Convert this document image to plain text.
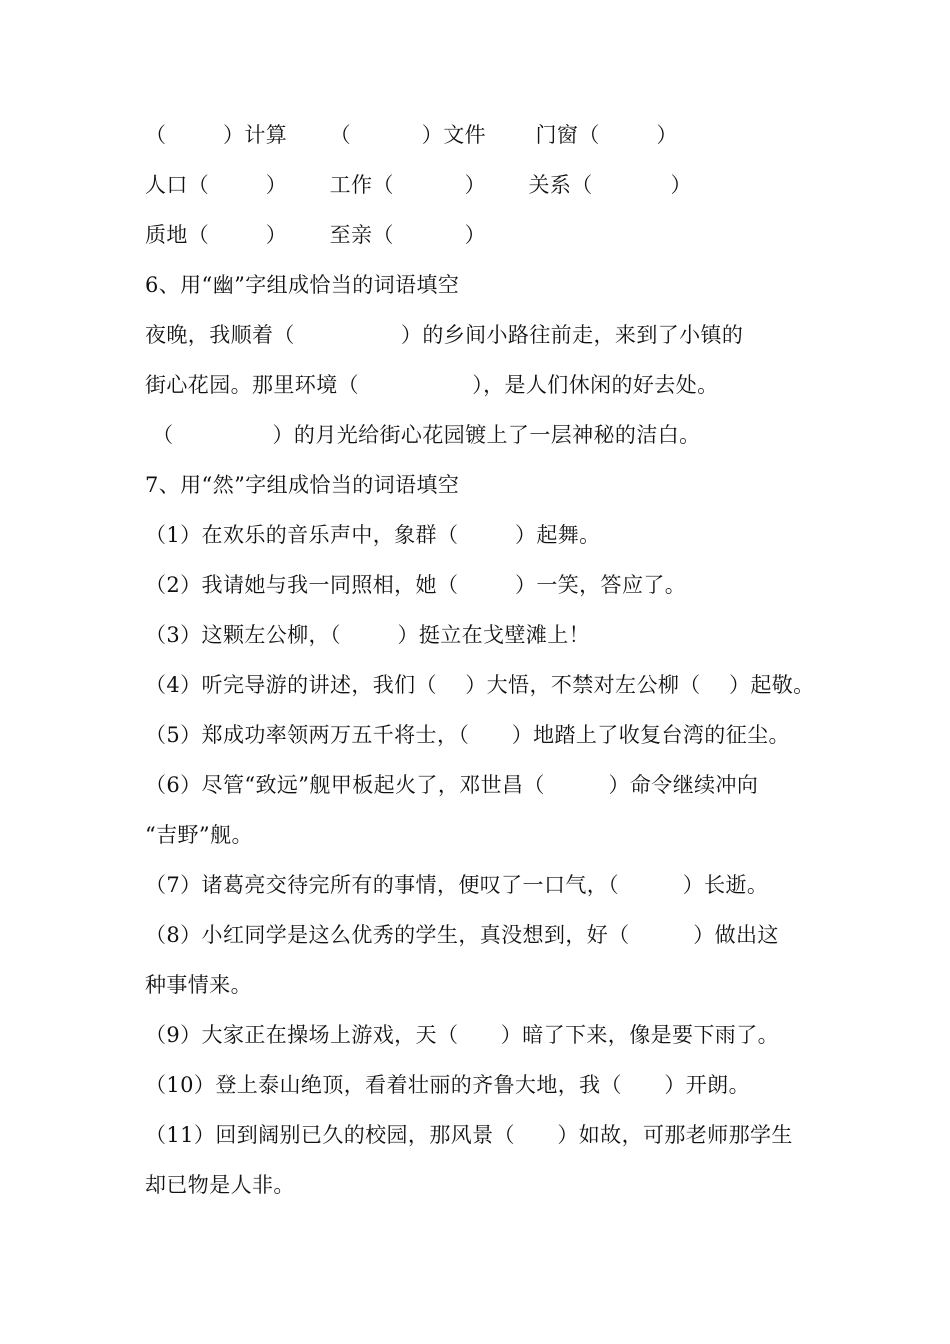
（        ）计算      （          ）文件       门窗（        ）
人口（        ）      工作（          ）      关系（           ）
质地（        ）      至亲（          ）
6、用“幽”字组成恰当的词语填空
夜晚，我顺着（               ）的乡间小路往前走，来到了小镇的
街心花园。那里环境（                ），是人们休闲的好去处。
（              ）的月光给街心花园镀上了一层神秘的洁白。
7、用“然”字组成恰当的词语填空
（1）在欢乐的音乐声中，象群（        ）起舞。
（2）我请她与我一同照相，她（        ）一笑，答应了。
（3）这颗左公柳，（        ）挺立在戈壁滩上！
（4）听完导游的讲述，我们（    ）大悟，不禁对左公柳（    ）起敬。
（5）郑成功率领两万五千将士，（      ）地踏上了收复台湾的征尘。
（6）尽管“致远”舰甲板起火了，邓世昌（         ）命令继续冲向
“吉野”舰。
（7）诸葛亮交待完所有的事情，便叹了一口气，（         ）长逝。
（8）小红同学是这么优秀的学生，真没想到，好（         ）做出这
种事情来。
（9）大家正在操场上游戏，天（      ）暗了下来，像是要下雨了。
（10）登上泰山绝顶，看着壮丽的齐鲁大地，我（      ）开朗。
（11）回到阔别已久的校园，那风景（      ）如故，可那老师那学生
却已物是人非。
